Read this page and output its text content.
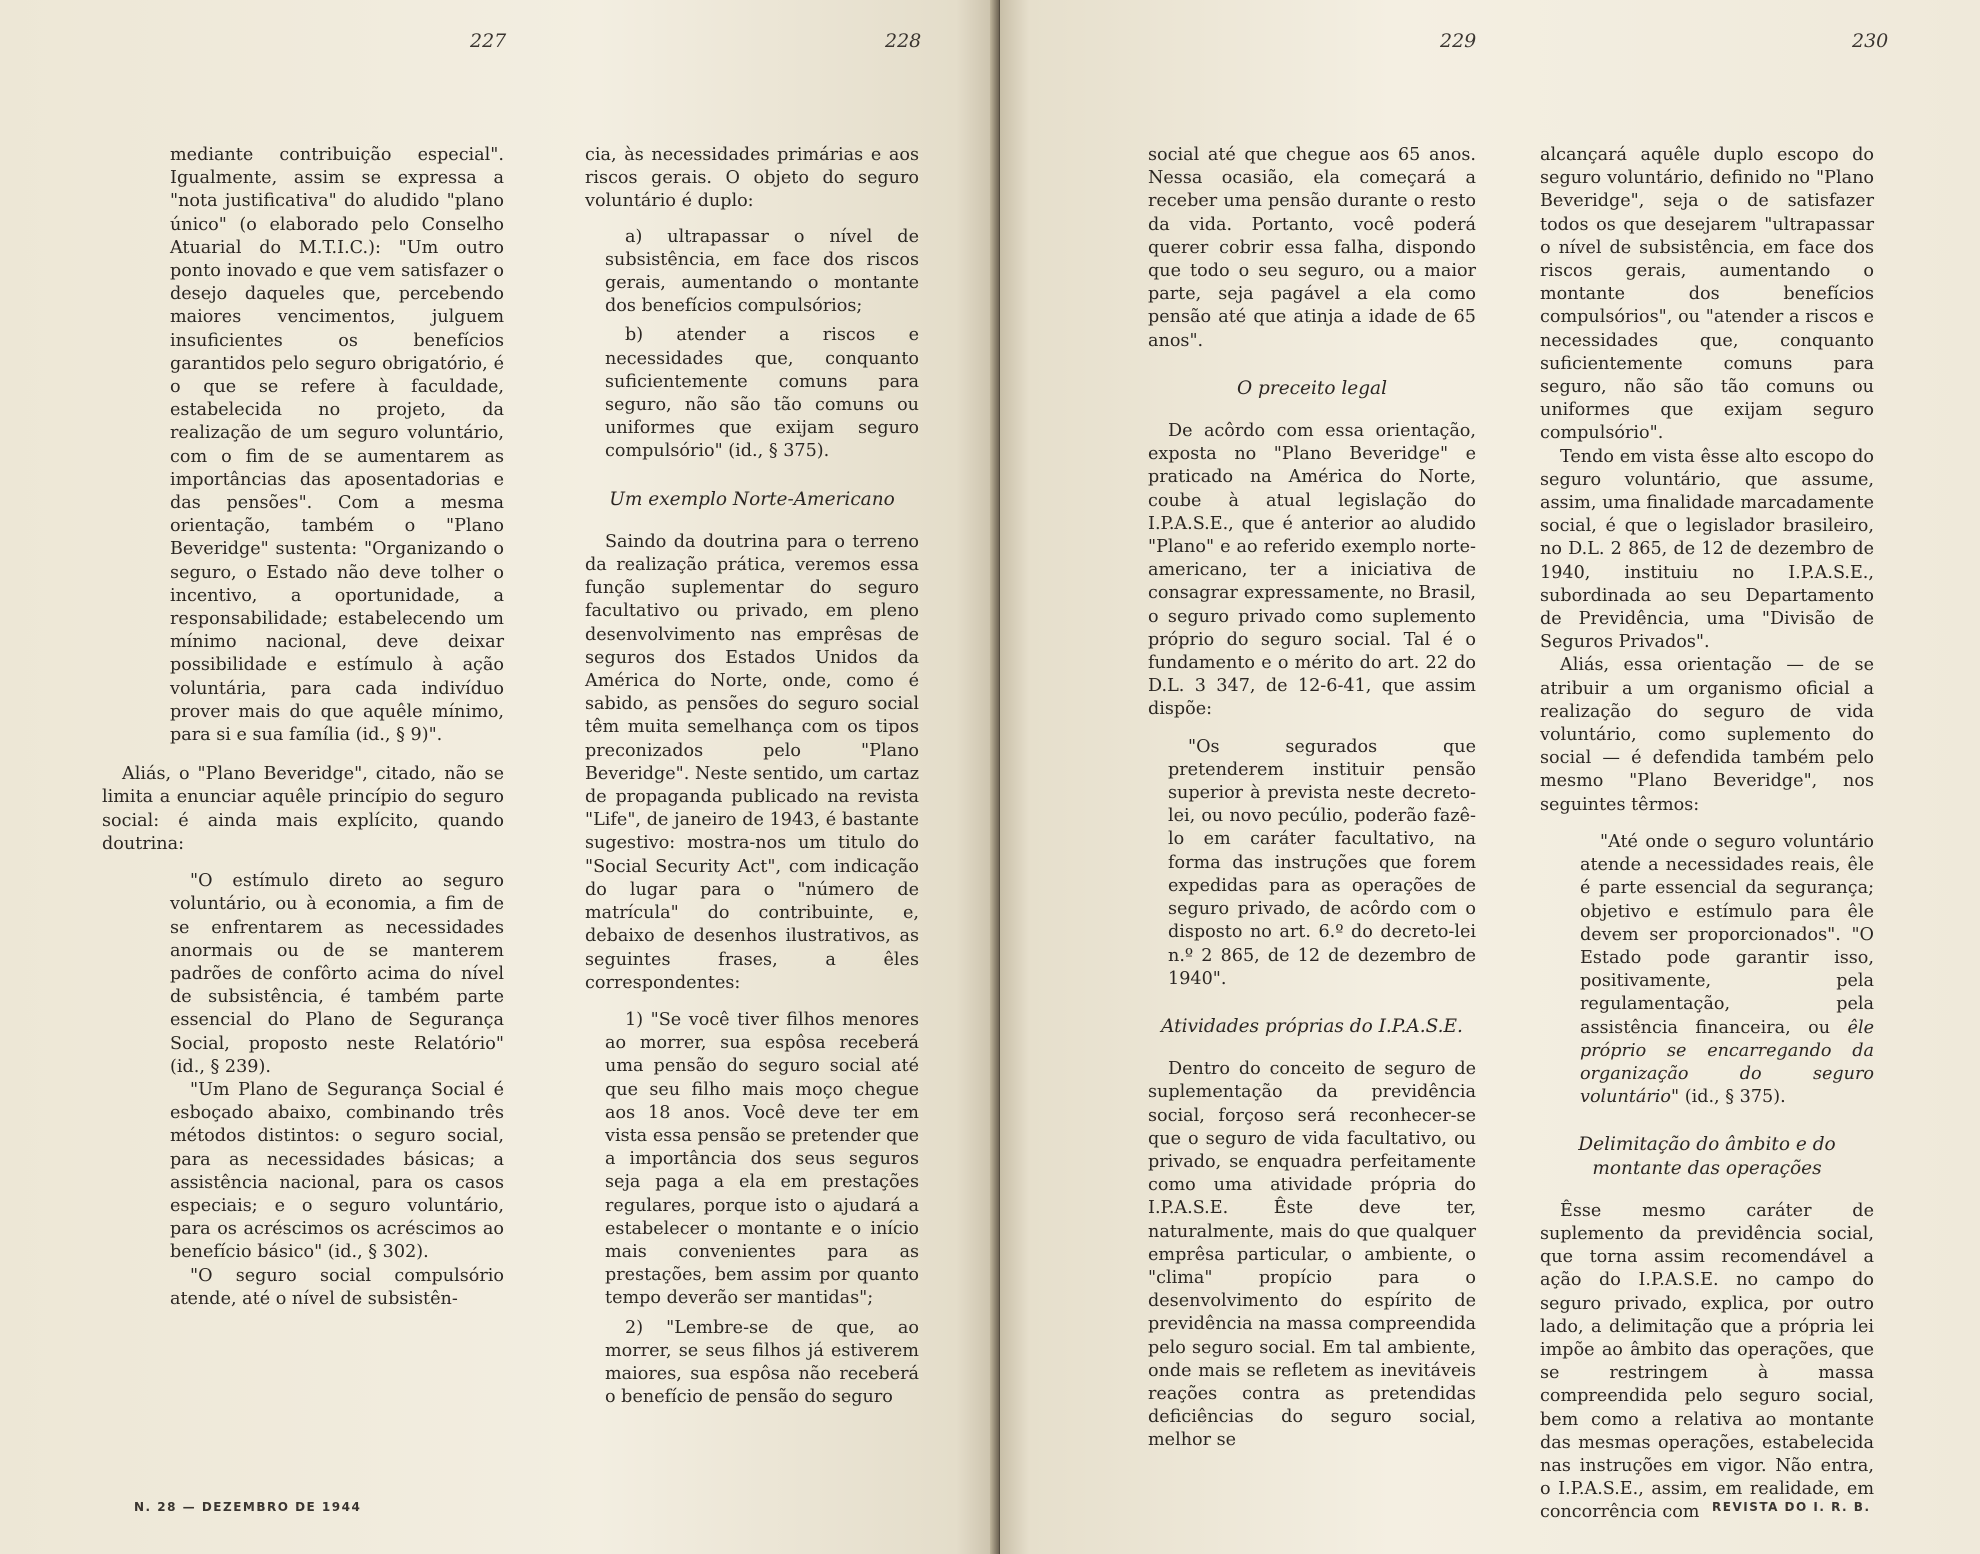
227	228

mediante contribuição especial". Igualmente, assim se expressa a "nota justificativa" do aludido "plano único" (o elaborado pelo Conselho Atuarial do M.T.I.C.): "Um outro ponto inovado e que vem satisfazer o desejo daqueles que, percebendo maiores vencimentos, julguem insuficientes os benefícios garantidos pelo seguro obrigatório, é o que se refere à faculdade, estabelecida no projeto, da realização de um seguro voluntário, com o fim de se aumentarem as importâncias das aposentadorias e das pensões". Com a mesma orientação, também o "Plano Beveridge" sustenta: "Organizando o seguro, o Estado não deve tolher o incentivo, a oportunidade, a responsabilidade; estabelecendo um mínimo nacional, deve deixar possibilidade e estímulo à ação voluntária, para cada indivíduo prover mais do que aquêle mínimo, para si e sua família (id., § 9)".

Aliás, o "Plano Beveridge", citado, não se limita a enunciar aquêle princípio do seguro social: é ainda mais explícito, quando doutrina:

"O estímulo direto ao seguro voluntário, ou à economia, a fim de se enfrentarem as necessidades anormais ou de se manterem padrões de confôrto acima do nível de subsistência, é também parte essencial do Plano de Segurança Social, proposto neste Relatório" (id., § 239).

"Um Plano de Segurança Social é esboçado abaixo, combinando três métodos distintos: o seguro social, para as necessidades básicas; a assistência nacional, para os casos especiais; e o seguro voluntário, para os acréscimos os acréscimos ao benefício básico" (id., § 302).

"O seguro social compulsório atende, até o nível de subsistên-

cia, às necessidades primárias e aos riscos gerais. O objeto do seguro voluntário é duplo:

a) ultrapassar o nível de subsistência, em face dos riscos gerais, aumentando o montante dos benefícios compulsórios;

b) atender a riscos e necessidades que, conquanto suficientemente comuns para seguro, não são tão comuns ou uniformes que exijam seguro compulsório" (id., § 375).

Um exemplo Norte-Americano

Saindo da doutrina para o terreno da realização prática, veremos essa função suplementar do seguro facultativo ou privado, em pleno desenvolvimento nas emprêsas de seguros dos Estados Unidos da América do Norte, onde, como é sabido, as pensões do seguro social têm muita semelhança com os tipos preconizados pelo "Plano Beveridge". Neste sentido, um cartaz de propaganda publicado na revista "Life", de janeiro de 1943, é bastante sugestivo: mostra-nos um titulo do "Social Security Act", com indicação do lugar para o "número de matrícula" do contribuinte, e, debaixo de desenhos ilustrativos, as seguintes frases, a êles correspondentes:

1) "Se você tiver filhos menores ao morrer, sua espôsa receberá uma pensão do seguro social até que seu filho mais moço chegue aos 18 anos. Você deve ter em vista essa pensão se pretender que a importância dos seus seguros seja paga a ela em prestações regulares, porque isto o ajudará a estabelecer o montante e o início mais convenientes para as prestações, bem assim por quanto tempo deverão ser mantidas";

2) "Lembre-se de que, ao morrer, se seus filhos já estiverem maiores, sua espôsa não receberá o benefício de pensão do seguro

N. 28 — DEZEMBRO DE 1944
229	230

social até que chegue aos 65 anos. Nessa ocasião, ela começará a receber uma pensão durante o resto da vida. Portanto, você poderá querer cobrir essa falha, dispondo que todo o seu seguro, ou a maior parte, seja pagável a ela como pensão até que atinja a idade de 65 anos".

O preceito legal

De acôrdo com essa orientação, exposta no "Plano Beveridge" e praticado na América do Norte, coube à atual legislação do I.P.A.S.E., que é anterior ao aludido "Plano" e ao referido exemplo norte-americano, ter a iniciativa de consagrar expressamente, no Brasil, o seguro privado como suplemento próprio do seguro social. Tal é o fundamento e o mérito do art. 22 do D.L. 3 347, de 12-6-41, que assim dispõe:

"Os segurados que pretenderem instituir pensão superior à prevista neste decreto-lei, ou novo pecúlio, poderão fazê-lo em caráter facultativo, na forma das instruções que forem expedidas para as operações de seguro privado, de acôrdo com o disposto no art. 6.º do decreto-lei n.º 2 865, de 12 de dezembro de 1940".

Atividades próprias do I.P.A.S.E.

Dentro do conceito de seguro de suplementação da previdência social, forçoso será reconhecer-se que o seguro de vida facultativo, ou privado, se enquadra perfeitamente como uma atividade própria do I.P.A.S.E. Êste deve ter, naturalmente, mais do que qualquer emprêsa particular, o ambiente, o "clima" propício para o desenvolvimento do espírito de previdência na massa compreendida pelo seguro social. Em tal ambiente, onde mais se refletem as inevitáveis reações contra as pretendidas deficiências do seguro social, melhor se

alcançará aquêle duplo escopo do seguro voluntário, definido no "Plano Beveridge", seja o de satisfazer todos os que desejarem "ultrapassar o nível de subsistência, em face dos riscos gerais, aumentando o montante dos benefícios compulsórios", ou "atender a riscos e necessidades que, conquanto suficientemente comuns para seguro, não são tão comuns ou uniformes que exijam seguro compulsório".

Tendo em vista êsse alto escopo do seguro voluntário, que assume, assim, uma finalidade marcadamente social, é que o legislador brasileiro, no D.L. 2 865, de 12 de dezembro de 1940, instituiu no I.P.A.S.E., subordinada ao seu Departamento de Previdência, uma "Divisão de Seguros Privados".

Aliás, essa orientação — de se atribuir a um organismo oficial a realização do seguro de vida voluntário, como suplemento do social — é defendida também pelo mesmo "Plano Beveridge", nos seguintes têrmos:

"Até onde o seguro voluntário atende a necessidades reais, êle é parte essencial da segurança; objetivo e estímulo para êle devem ser proporcionados". "O Estado pode garantir isso, positivamente, pela regulamentação, pela assistência financeira, ou êle próprio se encarregando da organização do seguro voluntário" (id., § 375).

Delimitação do âmbito e do montante das operações

Êsse mesmo caráter de suplemento da previdência social, que torna assim recomendável a ação do I.P.A.S.E. no campo do seguro privado, explica, por outro lado, a delimitação que a própria lei impõe ao âmbito das operações, que se restringem à massa compreendida pelo seguro social, bem como a relativa ao montante das mesmas operações, estabelecida nas instruções em vigor. Não entra, o I.P.A.S.E., assim, em realidade, em concorrência com	REVISTA DO I. R. B.
